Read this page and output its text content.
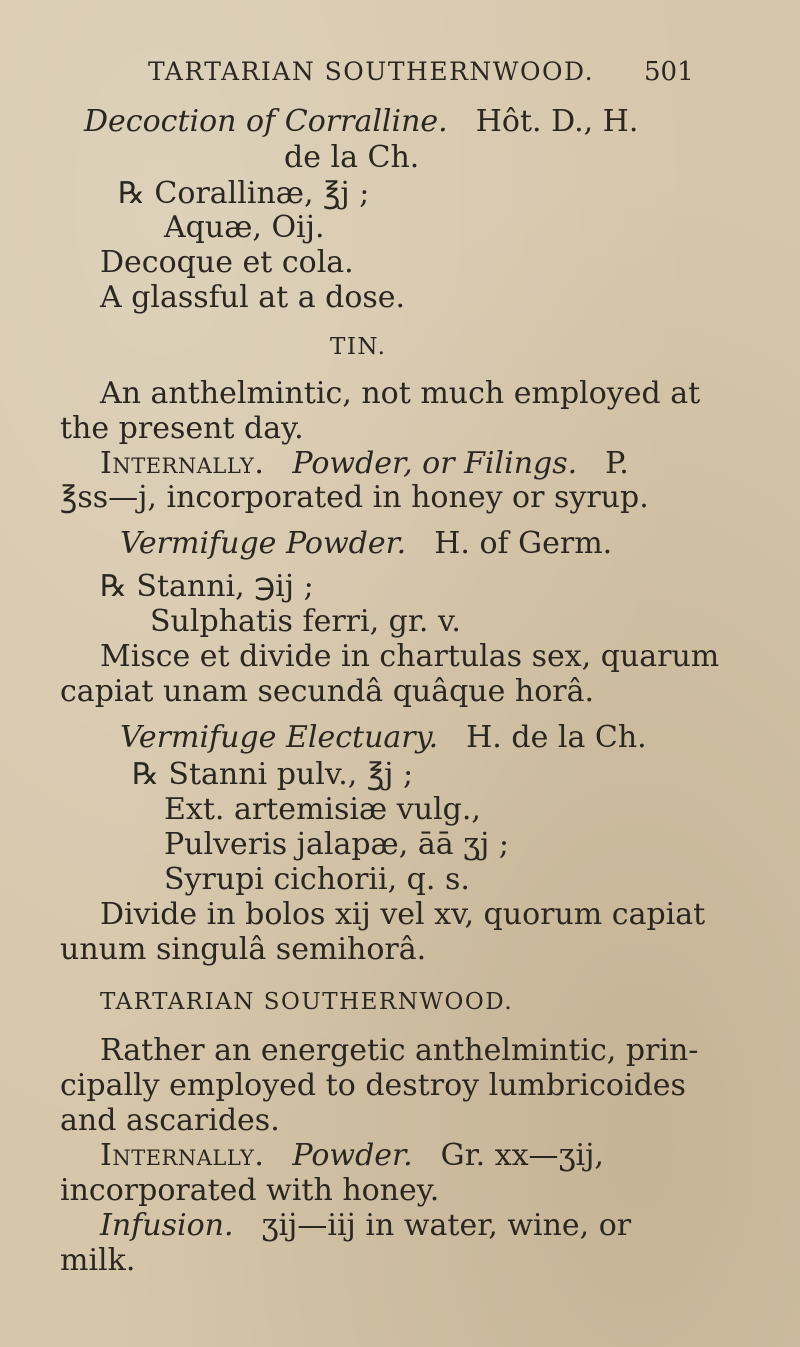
TARTARIAN SOUTHERNWOOD. 501
Decoction of Corralline. Hôt. D., H.
de la Ch.
℞ Corallinæ, ℥j ;
Aquæ, Oij.
Decoque et cola.
A glassful at a dose.
TIN.
An anthelmintic, not much employed at
the present day.
Internally. Powder, or Filings. P.
℥ss—j, incorporated in honey or syrup.
Vermifuge Powder. H. of Germ.
℞ Stanni, ℈ij ;
Sulphatis ferri, gr. v.
Misce et divide in chartulas sex, quarum
capiat unam secundâ quâque horâ.
Vermifuge Electuary. H. de la Ch.
℞ Stanni pulv., ℥j ;
Ext. artemisiæ vulg.,
Pulveris jalapæ, āā ʒj ;
Syrupi cichorii, q. s.
Divide in bolos xij vel xv, quorum capiat
unum singulâ semihorâ.
TARTARIAN SOUTHERNWOOD.
Rather an energetic anthelmintic, prin-
cipally employed to destroy lumbricoides
and ascarides.
Internally. Powder. Gr. xx—ʒij,
incorporated with honey.
Infusion. ʒij—iij in water, wine, or
milk.
